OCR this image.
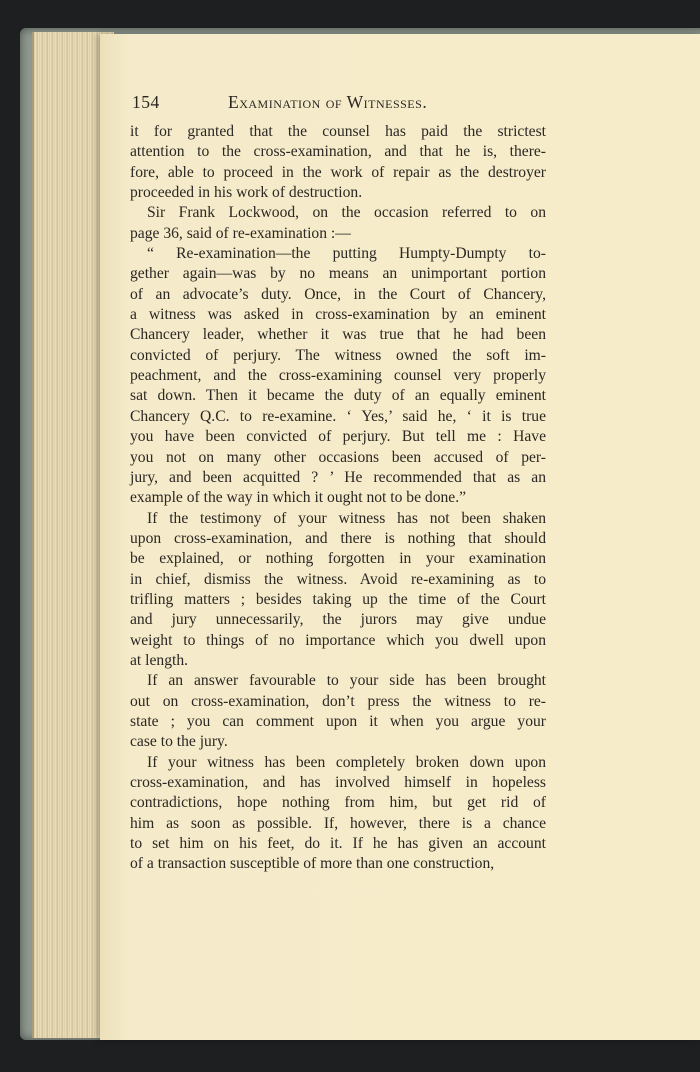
154	Examination of Witnesses.

it for granted that the counsel has paid the strictest
attention to the cross-examination, and that he is, there-
fore, able to proceed in the work of repair as the destroyer
proceeded in his work of destruction.

Sir Frank Lockwood, on the occasion referred to on
page 36, said of re-examination :—

“ Re-examination—the putting Humpty-Dumpty to-
gether again—was by no means an unimportant portion
of an advocate’s duty. Once, in the Court of Chancery,
a witness was asked in cross-examination by an eminent
Chancery leader, whether it was true that he had been
convicted of perjury. The witness owned the soft im-
peachment, and the cross-examining counsel very properly
sat down. Then it became the duty of an equally eminent
Chancery Q.C. to re-examine. ‘ Yes,’ said he, ‘ it is true
you have been convicted of perjury. But tell me : Have
you not on many other occasions been accused of per-
jury, and been acquitted ? ’ He recommended that as an
example of the way in which it ought not to be done.”

If the testimony of your witness has not been shaken
upon cross-examination, and there is nothing that should
be explained, or nothing forgotten in your examination
in chief, dismiss the witness. Avoid re-examining as to
trifling matters ; besides taking up the time of the Court
and jury unnecessarily, the jurors may give undue
weight to things of no importance which you dwell upon
at length.

If an answer favourable to your side has been brought
out on cross-examination, don’t press the witness to re-
state ; you can comment upon it when you argue your
case to the jury.

If your witness has been completely broken down upon
cross-examination, and has involved himself in hopeless
contradictions, hope nothing from him, but get rid of
him as soon as possible. If, however, there is a chance
to set him on his feet, do it. If he has given an account
of a transaction susceptible of more than one construction,
